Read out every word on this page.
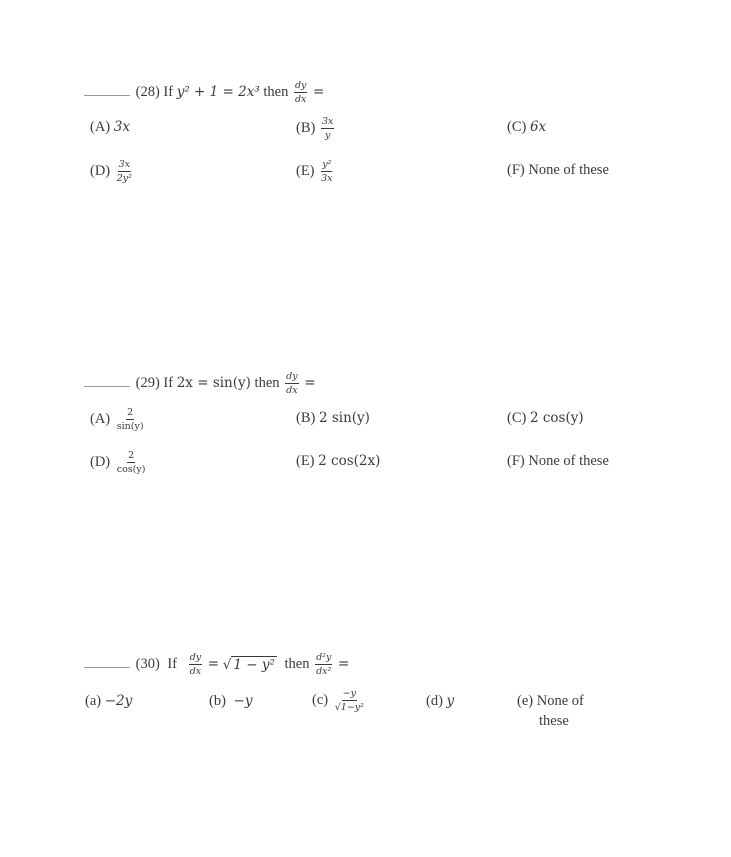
(28) If y² + 1 = 2x³ then $\frac{dy}{dx}$ =
(A) 3x	$(B) \frac{3x}{y}$	(C) 6x
$(D) \frac{3x}{\text{2y²}}$	$(E) \frac{\text{y²}}{3x}$	(F) None of these
(29) If 2x = sin(y) then $\frac{dy}{dx}$ =
$(A) \frac{2}{\sin(y)}$	(B) 2 sin(y)	(C) 2 cos(y)
$(D) \frac{2}{\cos(y)}$	(E) 2 cos(2x)	(F) None of these
(30) If $\frac{dy}{dx}$ = √ 1 − y² then $\frac{\text{d²y}}{\text{dx²}}$ =
(a) −2y	(b) −y	$(c) \frac{-y}{\text{√1−y²}}$	(d) y	(e) None of
these
